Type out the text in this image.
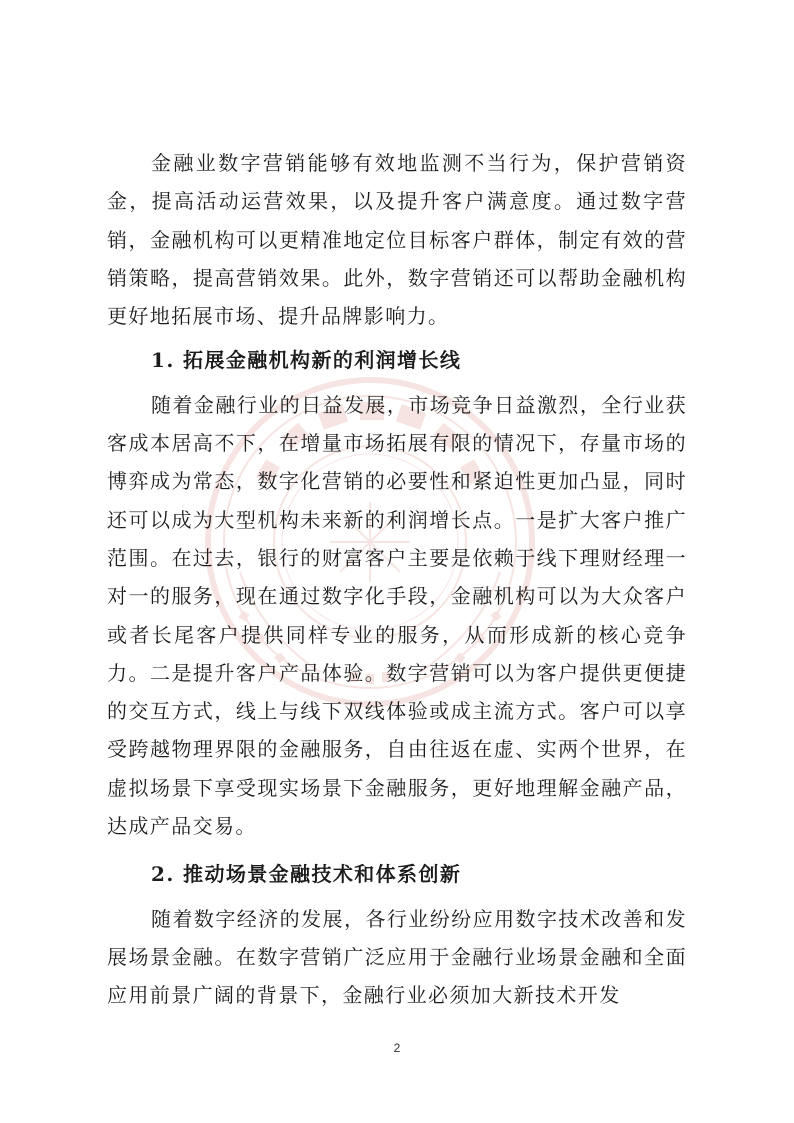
金融业数字营销能够有效地监测不当行为，保护营销资金，提高活动运营效果，以及提升客户满意度。通过数字营销，金融机构可以更精准地定位目标客户群体，制定有效的营销策略，提高营销效果。此外，数字营销还可以帮助金融机构更好地拓展市场、提升品牌影响力。

1. 拓展金融机构新的利润增长线

随着金融行业的日益发展，市场竞争日益激烈，全行业获客成本居高不下，在增量市场拓展有限的情况下，存量市场的博弈成为常态，数字化营销的必要性和紧迫性更加凸显，同时还可以成为大型机构未来新的利润增长点。一是扩大客户推广范围。在过去，银行的财富客户主要是依赖于线下理财经理一对一的服务，现在通过数字化手段，金融机构可以为大众客户或者长尾客户提供同样专业的服务，从而形成新的核心竞争力。二是提升客户产品体验。数字营销可以为客户提供更便捷的交互方式，线上与线下双线体验或成主流方式。客户可以享受跨越物理界限的金融服务，自由往返在虚、实两个世界，在虚拟场景下享受现实场景下金融服务，更好地理解金融产品，达成产品交易。

2. 推动场景金融技术和体系创新

随着数字经济的发展，各行业纷纷应用数字技术改善和发展场景金融。在数字营销广泛应用于金融行业场景金融和全面应用前景广阔的背景下，金融行业必须加大新技术开发

2
